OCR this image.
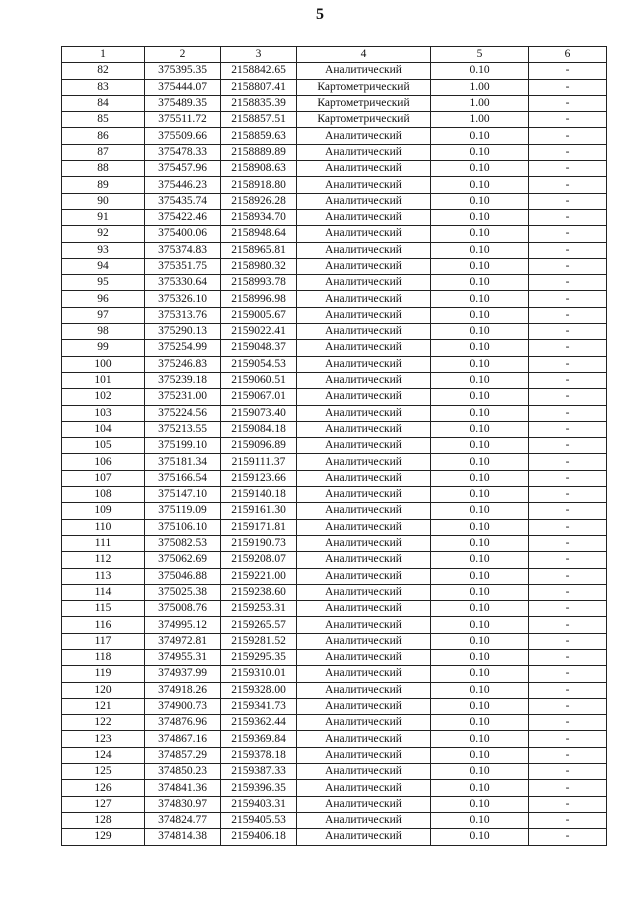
5
1	2	3	4	5	6
82	375395.35	2158842.65	Аналитический	0.10	-
83	375444.07	2158807.41	Картометрический	1.00	-
84	375489.35	2158835.39	Картометрический	1.00	-
85	375511.72	2158857.51	Картометрический	1.00	-
86	375509.66	2158859.63	Аналитический	0.10	-
87	375478.33	2158889.89	Аналитический	0.10	-
88	375457.96	2158908.63	Аналитический	0.10	-
89	375446.23	2158918.80	Аналитический	0.10	-
90	375435.74	2158926.28	Аналитический	0.10	-
91	375422.46	2158934.70	Аналитический	0.10	-
92	375400.06	2158948.64	Аналитический	0.10	-
93	375374.83	2158965.81	Аналитический	0.10	-
94	375351.75	2158980.32	Аналитический	0.10	-
95	375330.64	2158993.78	Аналитический	0.10	-
96	375326.10	2158996.98	Аналитический	0.10	-
97	375313.76	2159005.67	Аналитический	0.10	-
98	375290.13	2159022.41	Аналитический	0.10	-
99	375254.99	2159048.37	Аналитический	0.10	-
100	375246.83	2159054.53	Аналитический	0.10	-
101	375239.18	2159060.51	Аналитический	0.10	-
102	375231.00	2159067.01	Аналитический	0.10	-
103	375224.56	2159073.40	Аналитический	0.10	-
104	375213.55	2159084.18	Аналитический	0.10	-
105	375199.10	2159096.89	Аналитический	0.10	-
106	375181.34	2159111.37	Аналитический	0.10	-
107	375166.54	2159123.66	Аналитический	0.10	-
108	375147.10	2159140.18	Аналитический	0.10	-
109	375119.09	2159161.30	Аналитический	0.10	-
110	375106.10	2159171.81	Аналитический	0.10	-
111	375082.53	2159190.73	Аналитический	0.10	-
112	375062.69	2159208.07	Аналитический	0.10	-
113	375046.88	2159221.00	Аналитический	0.10	-
114	375025.38	2159238.60	Аналитический	0.10	-
115	375008.76	2159253.31	Аналитический	0.10	-
116	374995.12	2159265.57	Аналитический	0.10	-
117	374972.81	2159281.52	Аналитический	0.10	-
118	374955.31	2159295.35	Аналитический	0.10	-
119	374937.99	2159310.01	Аналитический	0.10	-
120	374918.26	2159328.00	Аналитический	0.10	-
121	374900.73	2159341.73	Аналитический	0.10	-
122	374876.96	2159362.44	Аналитический	0.10	-
123	374867.16	2159369.84	Аналитический	0.10	-
124	374857.29	2159378.18	Аналитический	0.10	-
125	374850.23	2159387.33	Аналитический	0.10	-
126	374841.36	2159396.35	Аналитический	0.10	-
127	374830.97	2159403.31	Аналитический	0.10	-
128	374824.77	2159405.53	Аналитический	0.10	-
129	374814.38	2159406.18	Аналитический	0.10	-
